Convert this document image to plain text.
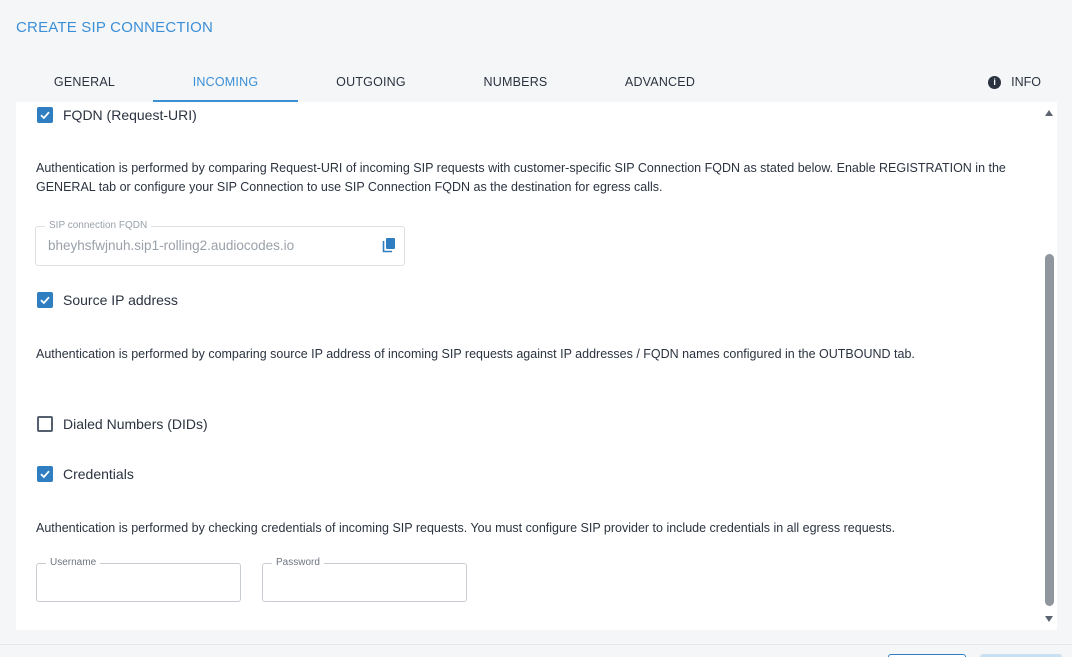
CREATE SIP CONNECTION
GENERAL	INCOMING	OUTGOING	NUMBERS	ADVANCED	i	INFO
FQDN (Request-URI)
Authentication is performed by comparing Request-URI of incoming SIP requests with customer-specific SIP Connection FQDN as stated below. Enable REGISTRATION in the GENERAL tab or configure your SIP Connection to use SIP Connection FQDN as the destination for egress calls.
SIP connection FQDN
bheyhsfwjnuh.sip1-rolling2.audiocodes.io
Source IP address
Authentication is performed by comparing source IP address of incoming SIP requests against IP addresses / FQDN names configured in the OUTBOUND tab.
Dialed Numbers (DIDs)
Credentials
Authentication is performed by checking credentials of incoming SIP requests. You must configure SIP provider to include credentials in all egress requests.
Username	Password
